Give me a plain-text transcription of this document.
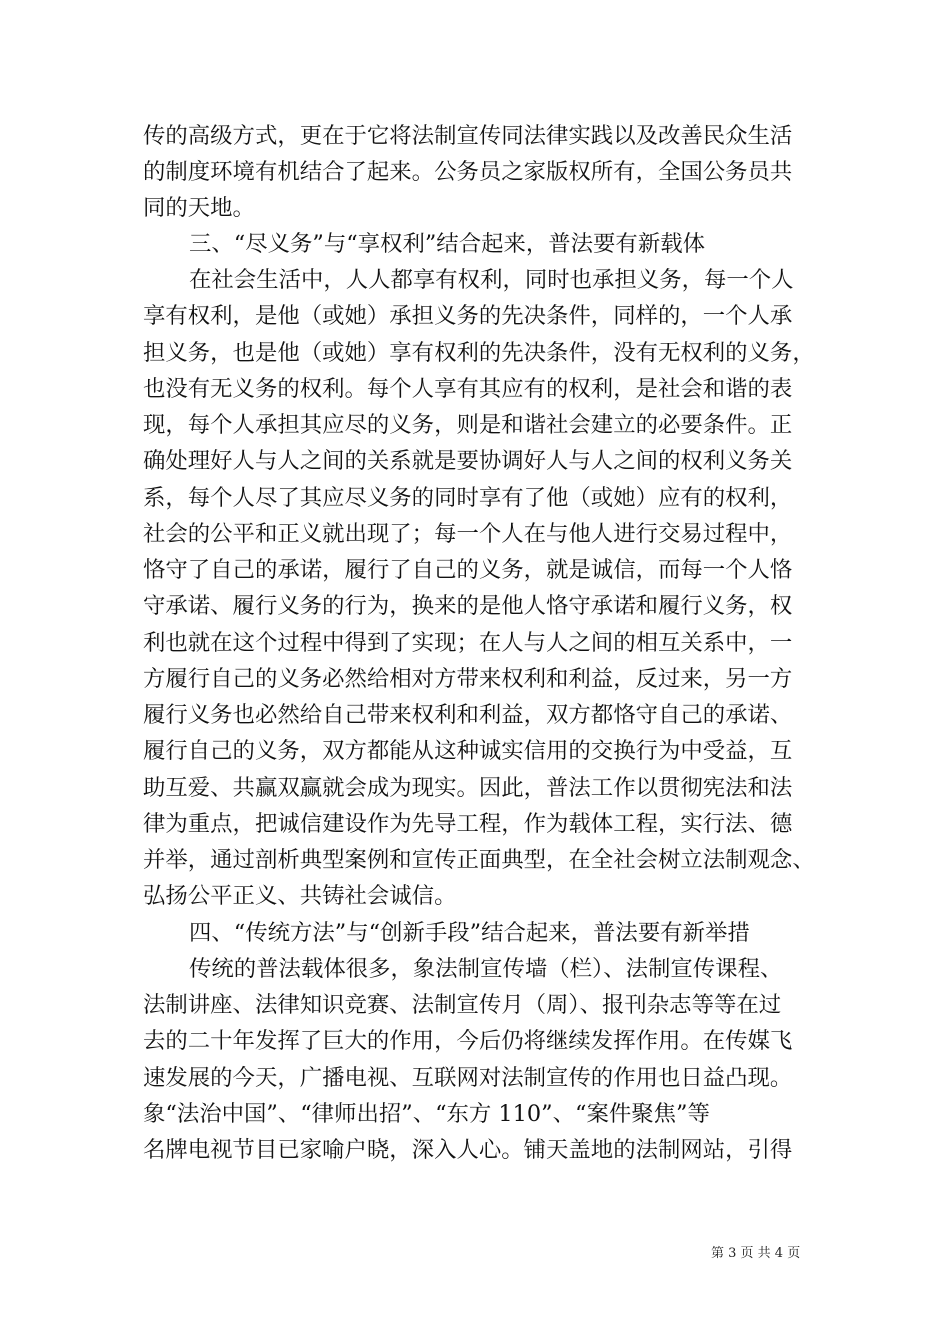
传的高级方式，更在于它将法制宣传同法律实践以及改善民众生活
的制度环境有机结合了起来。公务员之家版权所有，全国公务员共
同的天地。
三、“尽义务”与“享权利”结合起来，普法要有新载体
在社会生活中，人人都享有权利，同时也承担义务，每一个人
享有权利，是他（或她）承担义务的先决条件，同样的，一个人承
担义务，也是他（或她）享有权利的先决条件，没有无权利的义务，
也没有无义务的权利。每个人享有其应有的权利，是社会和谐的表
现，每个人承担其应尽的义务，则是和谐社会建立的必要条件。正
确处理好人与人之间的关系就是要协调好人与人之间的权利义务关
系，每个人尽了其应尽义务的同时享有了他（或她）应有的权利，
社会的公平和正义就出现了；每一个人在与他人进行交易过程中，
恪守了自己的承诺，履行了自己的义务，就是诚信，而每一个人恪
守承诺、履行义务的行为，换来的是他人恪守承诺和履行义务，权
利也就在这个过程中得到了实现；在人与人之间的相互关系中，一
方履行自己的义务必然给相对方带来权利和利益，反过来，另一方
履行义务也必然给自己带来权利和利益，双方都恪守自己的承诺、
履行自己的义务，双方都能从这种诚实信用的交换行为中受益，互
助互爱、共赢双赢就会成为现实。因此，普法工作以贯彻宪法和法
律为重点，把诚信建设作为先导工程，作为载体工程，实行法、德
并举，通过剖析典型案例和宣传正面典型，在全社会树立法制观念、
弘扬公平正义、共铸社会诚信。
四、“传统方法”与“创新手段”结合起来，普法要有新举措
传统的普法载体很多，象法制宣传墙（栏）、法制宣传课程、
法制讲座、法律知识竞赛、法制宣传月（周）、报刊杂志等等在过
去的二十年发挥了巨大的作用，今后仍将继续发挥作用。在传媒飞
速发展的今天，广播电视、互联网对法制宣传的作用也日益凸现。
象“法治中国”、“律师出招”、“东方 110”、“案件聚焦”等
名牌电视节目已家喻户晓，深入人心。铺天盖地的法制网站，引得
第 3 页 共 4 页
